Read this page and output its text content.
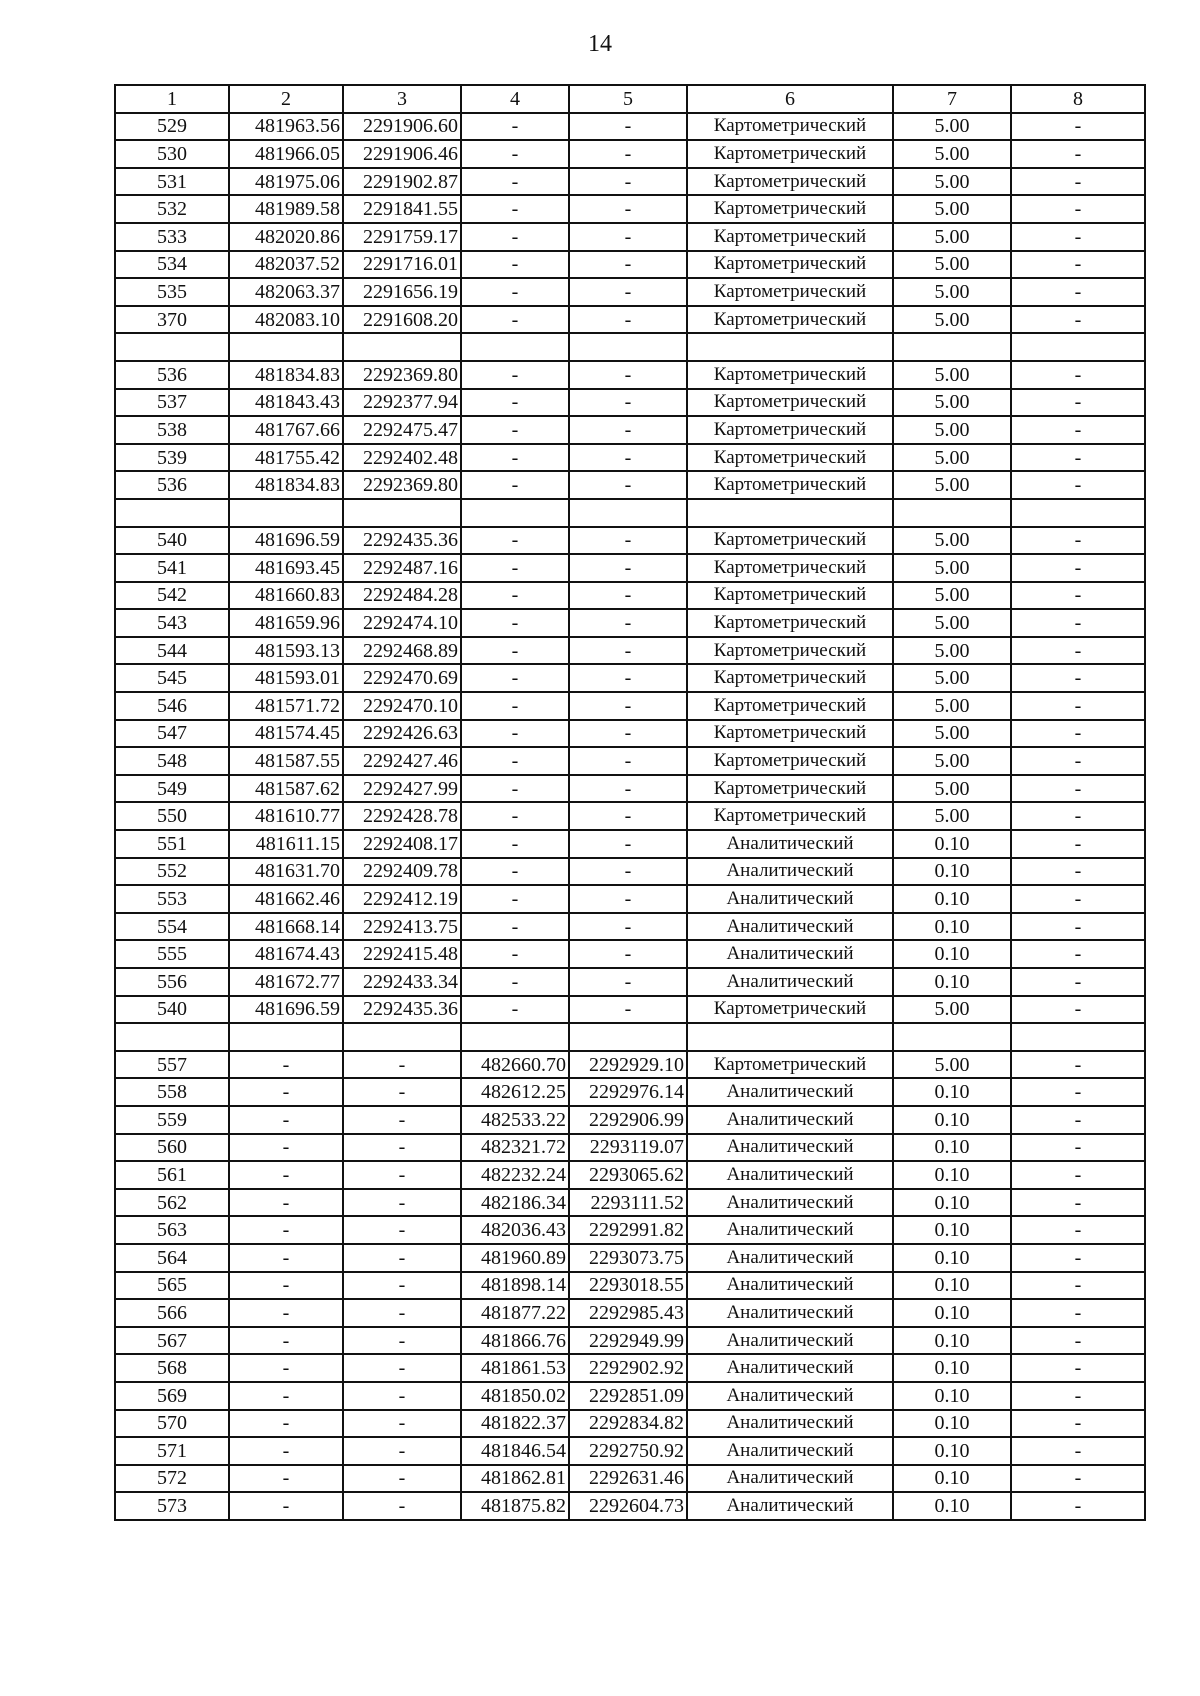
14
1	2	3	4	5	6	7	8
529	481963.56	2291906.60	-	-	Картометрический	5.00	-
530	481966.05	2291906.46	-	-	Картометрический	5.00	-
531	481975.06	2291902.87	-	-	Картометрический	5.00	-
532	481989.58	2291841.55	-	-	Картометрический	5.00	-
533	482020.86	2291759.17	-	-	Картометрический	5.00	-
534	482037.52	2291716.01	-	-	Картометрический	5.00	-
535	482063.37	2291656.19	-	-	Картометрический	5.00	-
370	482083.10	2291608.20	-	-	Картометрический	5.00	-

536	481834.83	2292369.80	-	-	Картометрический	5.00	-
537	481843.43	2292377.94	-	-	Картометрический	5.00	-
538	481767.66	2292475.47	-	-	Картометрический	5.00	-
539	481755.42	2292402.48	-	-	Картометрический	5.00	-
536	481834.83	2292369.80	-	-	Картометрический	5.00	-

540	481696.59	2292435.36	-	-	Картометрический	5.00	-
541	481693.45	2292487.16	-	-	Картометрический	5.00	-
542	481660.83	2292484.28	-	-	Картометрический	5.00	-
543	481659.96	2292474.10	-	-	Картометрический	5.00	-
544	481593.13	2292468.89	-	-	Картометрический	5.00	-
545	481593.01	2292470.69	-	-	Картометрический	5.00	-
546	481571.72	2292470.10	-	-	Картометрический	5.00	-
547	481574.45	2292426.63	-	-	Картометрический	5.00	-
548	481587.55	2292427.46	-	-	Картометрический	5.00	-
549	481587.62	2292427.99	-	-	Картометрический	5.00	-
550	481610.77	2292428.78	-	-	Картометрический	5.00	-
551	481611.15	2292408.17	-	-	Аналитический	0.10	-
552	481631.70	2292409.78	-	-	Аналитический	0.10	-
553	481662.46	2292412.19	-	-	Аналитический	0.10	-
554	481668.14	2292413.75	-	-	Аналитический	0.10	-
555	481674.43	2292415.48	-	-	Аналитический	0.10	-
556	481672.77	2292433.34	-	-	Аналитический	0.10	-
540	481696.59	2292435.36	-	-	Картометрический	5.00	-

557	-	-	482660.70	2292929.10	Картометрический	5.00	-
558	-	-	482612.25	2292976.14	Аналитический	0.10	-
559	-	-	482533.22	2292906.99	Аналитический	0.10	-
560	-	-	482321.72	2293119.07	Аналитический	0.10	-
561	-	-	482232.24	2293065.62	Аналитический	0.10	-
562	-	-	482186.34	2293111.52	Аналитический	0.10	-
563	-	-	482036.43	2292991.82	Аналитический	0.10	-
564	-	-	481960.89	2293073.75	Аналитический	0.10	-
565	-	-	481898.14	2293018.55	Аналитический	0.10	-
566	-	-	481877.22	2292985.43	Аналитический	0.10	-
567	-	-	481866.76	2292949.99	Аналитический	0.10	-
568	-	-	481861.53	2292902.92	Аналитический	0.10	-
569	-	-	481850.02	2292851.09	Аналитический	0.10	-
570	-	-	481822.37	2292834.82	Аналитический	0.10	-
571	-	-	481846.54	2292750.92	Аналитический	0.10	-
572	-	-	481862.81	2292631.46	Аналитический	0.10	-
573	-	-	481875.82	2292604.73	Аналитический	0.10	-
